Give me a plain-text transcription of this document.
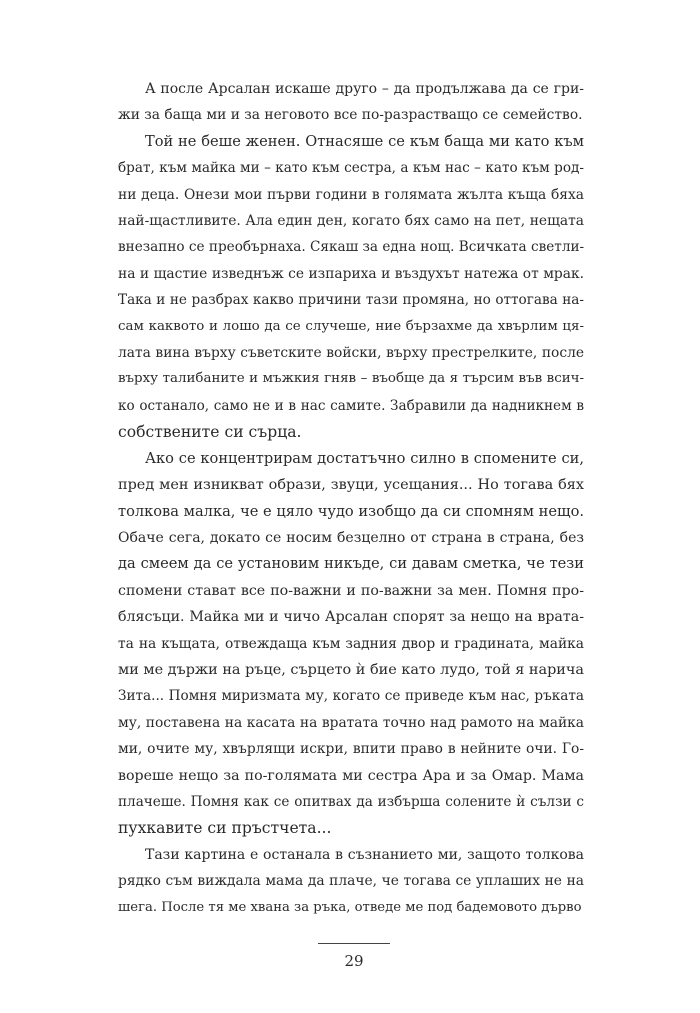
А после Арсалан искаше друго – да продължава да се гри-
жи за баща ми и за неговото все по-разрастващо се семейство.

Той не беше женен. Отнасяше се към баща ми като към
брат, към майка ми – като към сестра, а към нас – като към род-
ни деца. Онези мои първи години в голямата жълта къща бяха
най-щастливите. Ала един ден, когато бях само на пет, нещата
внезапно се преобърнаха. Сякаш за една нощ. Всичката светли-
на и щастие изведнъж се изпариха и въздухът натежа от мрак.
Така и не разбрах какво причини тази промяна, но оттогава на-
сам каквото и лошо да се случеше, ние бързахме да хвърлим ця-
лата вина върху съветските войски, върху престрелките, после
върху талибаните и мъжкия гняв – въобще да я търсим във всич-
ко останало, само не и в нас самите. Забравили да надникнем в
собствените си сърца.

Ако се концентрирам достатъчно силно в спомените си,
пред мен изникват образи, звуци, усещания... Но тогава бях
толкова малка, че е цяло чудо изобщо да си спомням нещо.
Обаче сега, докато се носим безцелно от страна в страна, без
да смеем да се установим никъде, си давам сметка, че тези
спомени стават все по-важни и по-важни за мен. Помня про-
блясъци. Майка ми и чичо Арсалан спорят за нещо на врата-
та на къщата, отвеждаща към задния двор и градината, майка
ми ме държи на ръце, сърцето ѝ бие като лудо, той я нарича
Зита... Помня миризмата му, когато се приведе към нас, ръката
му, поставена на касата на вратата точно над рамото на майка
ми, очите му, хвърлящи искри, впити право в нейните очи. Го-
вореше нещо за по-голямата ми сестра Ара и за Омар. Мама
плачеше. Помня как се опитвах да избърша солените ѝ сълзи с
пухкавите си пръстчета...

Тази картина е останала в съзнанието ми, защото толкова
рядко съм виждала мама да плаче, че тогава се уплаших не на
шега. После тя ме хвана за ръка, отведе ме под бадемовото дърво

29
